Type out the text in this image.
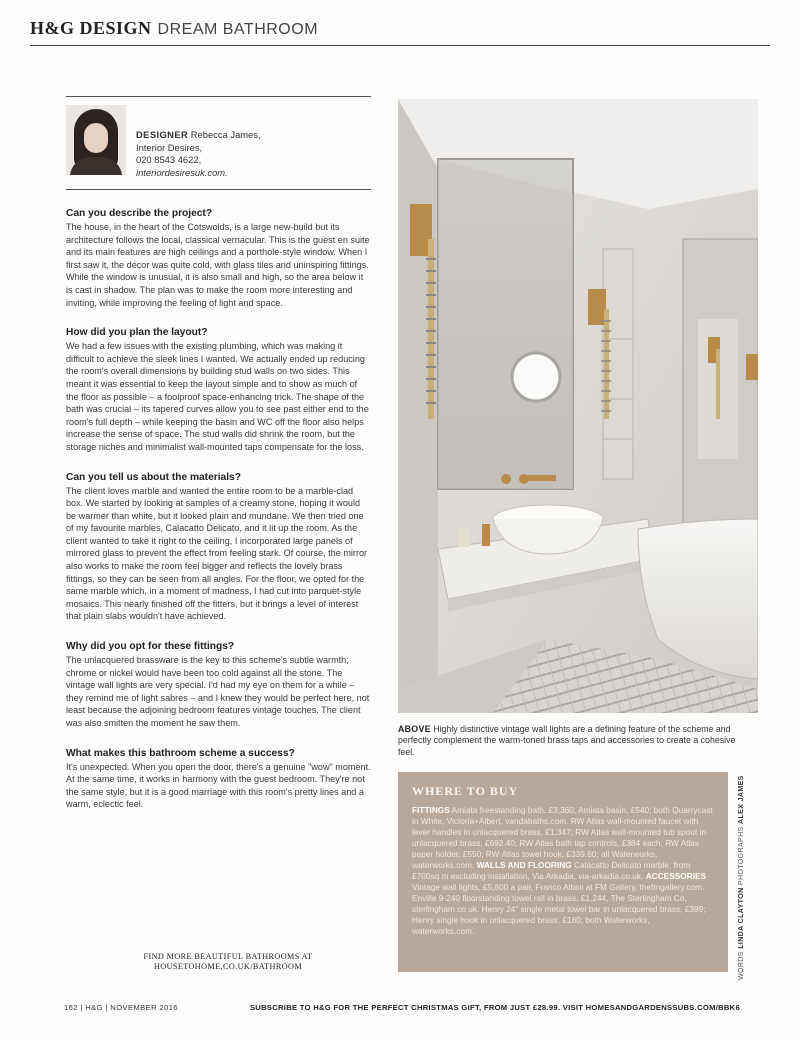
H&G DESIGN DREAM BATHROOM
DESIGNER Rebecca James,
Interior Desires,
020 8543 4622,
interiordesiresuk.com.

Can you describe the project?

The house, in the heart of the Cotswolds, is a large new-build but its architecture follows the local, classical vernacular. This is the guest en suite and its main features are high ceilings and a porthole-style window. When I first saw it, the décor was quite cold, with glass tiles and uninspiring fittings. While the window is unusual, it is also small and high, so the area below it is cast in shadow. The plan was to make the room more interesting and inviting, while improving the feeling of light and space.

How did you plan the layout?

We had a few issues with the existing plumbing, which was making it difficult to achieve the sleek lines I wanted. We actually ended up reducing the room's overall dimensions by building stud walls on two sides. This meant it was essential to keep the layout simple and to show as much of the floor as possible – a foolproof space-enhancing trick. The shape of the bath was crucial – its tapered curves allow you to see past either end to the room's full depth – while keeping the basin and WC off the floor also helps increase the sense of space. The stud walls did shrink the room, but the storage niches and minimalist wall-mounted taps compensate for the loss.

Can you tell us about the materials?

The client loves marble and wanted the entire room to be a marble-clad box. We started by looking at samples of a creamy stone, hoping it would be warmer than white, but it looked plain and mundane. We then tried one of my favourite marbles, Calacatto Delicato, and it lit up the room. As the client wanted to take it right to the ceiling, I incorporated large panels of mirrored glass to prevent the effect from feeling stark. Of course, the mirror also works to make the room feel bigger and reflects the lovely brass fittings, so they can be seen from all angles. For the floor, we opted for the same marble which, in a moment of madness, I had cut into parquet-style mosaics. This nearly finished off the fitters, but it brings a level of interest that plain slabs wouldn't have achieved.

Why did you opt for these fittings?

The unlacquered brassware is the key to this scheme's subtle warmth; chrome or nickel would have been too cold against all the stone. The vintage wall lights are very special. I'd had my eye on them for a while – they remind me of light sabres – and I knew they would be perfect here, not least because the adjoining bedroom features vintage touches. The client was also smitten the moment he saw them.

What makes this bathroom scheme a success?

It's unexpected. When you open the door, there's a genuine "wow" moment. At the same time, it works in harmony with the guest bedroom. They're not the same style, but it is a good marriage with this room's pretty lines and a warm, eclectic feel.

FIND MORE BEAUTIFUL BATHROOMS AT
HOUSETOHOME.CO.UK/BATHROOM
ABOVE Highly distinctive vintage wall lights are a defining feature of the scheme and perfectly complement the warm-toned brass taps and accessories to create a cohesive feel.
WHERE TO BUY
FITTINGS Amiata freestanding bath, £3,360; Amiata basin, £540; both Quarrycast in White, Victoria+Albert, vandabaths.com. RW Atlas wall-mounted faucet with lever handles in unlacquered brass, £1,347; RW Atlas wall-mounted tub spout in unlacquered brass, £692.40; RW Atlas bath tap controls, £384 each; RW Atlas paper holder, £550; RW Atlas towel hook, £339.60; all Waterworks, waterworks.com. WALLS AND FLOORING Calacatto Delicato marble, from £700sq m excluding installation, Via Arkadia, via-arkadia.co.uk. ACCESSORIES Vintage wall lights, £5,600 a pair, Franco Albini at FM Gallery, thefmgallery.com. Enville 9-240 floorstanding towel rail in brass, £1,244, The Sterlingham Co, sterlingham.co.uk. Henry 24" single metal towel bar in unlacquered brass, £399; Henry single hook in unlacquered brass, £160; both Waterworks, waterworks.com.
WORDS LINDA CLAYTON PHOTOGRAPHS ALEX JAMES
162 | H&G | NOVEMBER 2016	SUBSCRIBE TO H&G FOR THE PERFECT CHRISTMAS GIFT, FROM JUST £28.99. VISIT HOMESANDGARDENSSUBS.COM/BBK6
